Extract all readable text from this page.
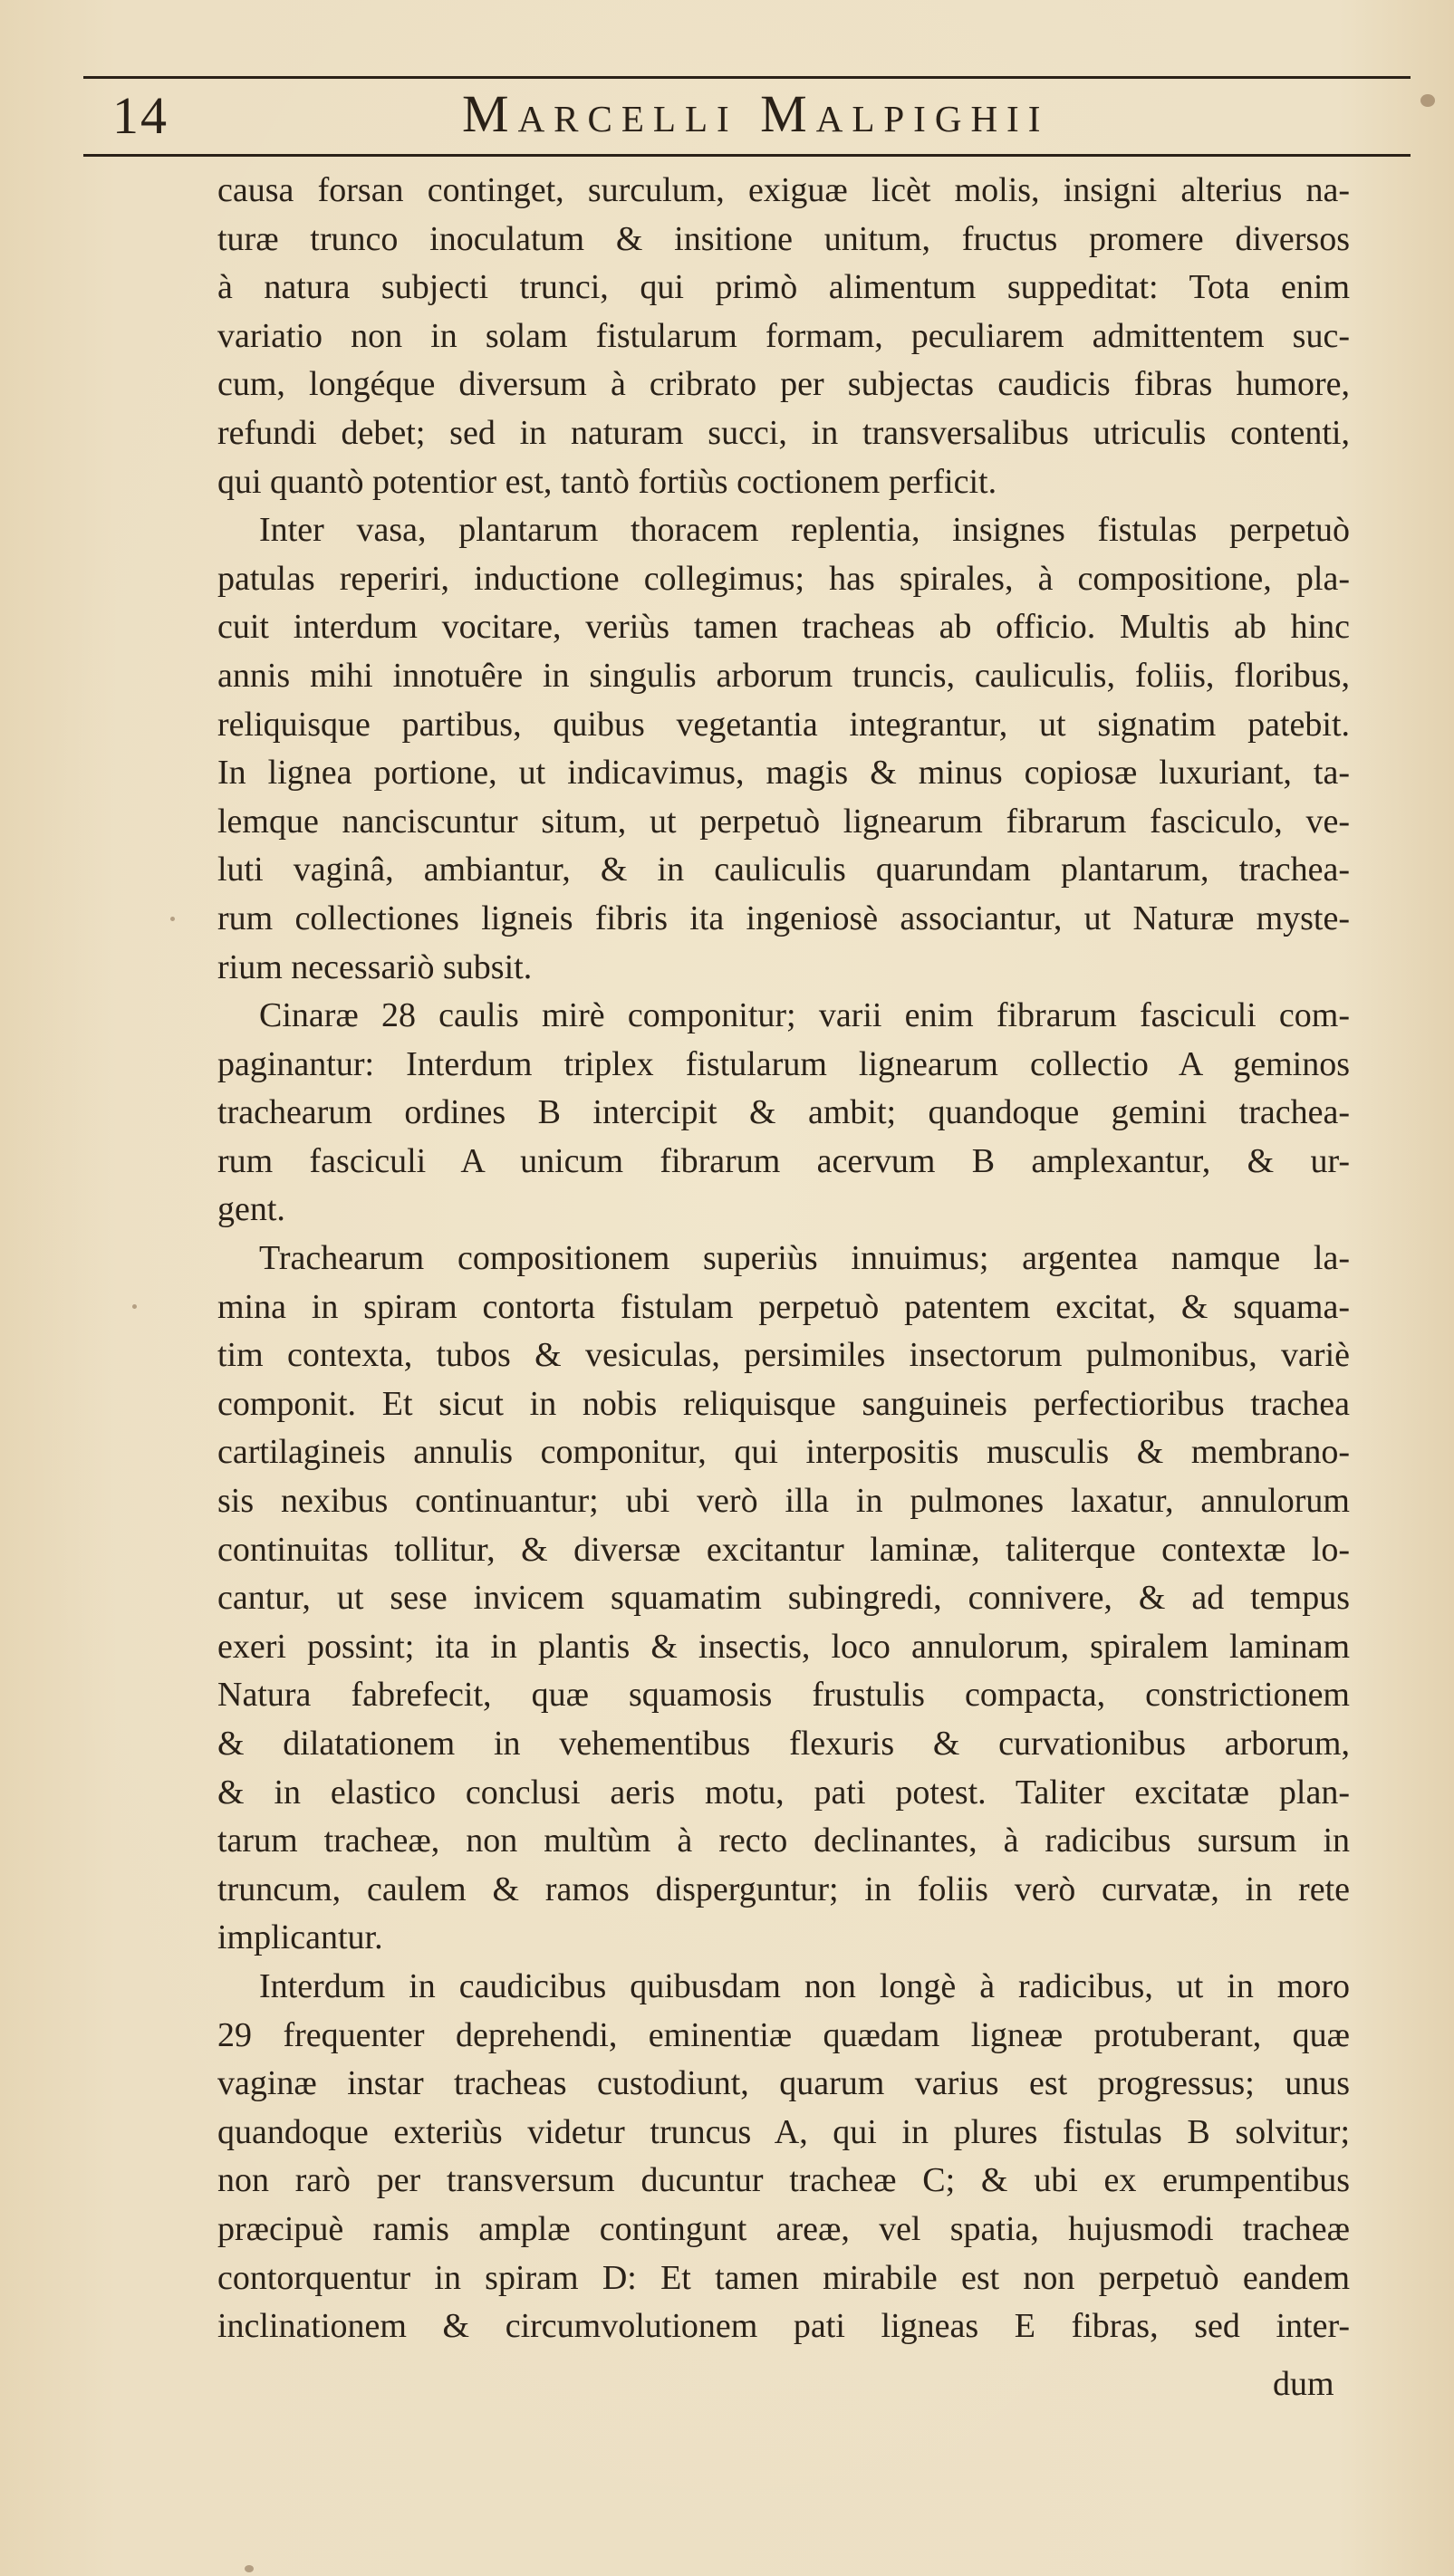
14	Marcelli Malpighii
causa forsan continget, surculum, exiguæ licèt molis, insigni alterius na-
turæ trunco inoculatum & insitione unitum, fructus promere diversos
à natura subjecti trunci, qui primò alimentum suppeditat: Tota enim
variatio non in solam fistularum formam, peculiarem admittentem suc-
cum, longéque diversum à cribrato per subjectas caudicis fibras humore,
refundi debet; sed in naturam succi, in transversalibus utriculis contenti,
qui quantò potentior est, tantò fortiùs coctionem perficit.
Inter vasa, plantarum thoracem replentia, insignes fistulas perpetuò
patulas reperiri, inductione collegimus; has spirales, à compositione, pla-
cuit interdum vocitare, veriùs tamen tracheas ab officio. Multis ab hinc
annis mihi innotuêre in singulis arborum truncis, cauliculis, foliis, floribus,
reliquisque partibus, quibus vegetantia integrantur, ut signatim patebit.
In lignea portione, ut indicavimus, magis & minus copiosæ luxuriant, ta-
lemque nanciscuntur situm, ut perpetuò lignearum fibrarum fasciculo, ve-
luti vaginâ, ambiantur, & in cauliculis quarundam plantarum, trachea-
rum collectiones ligneis fibris ita ingeniosè associantur, ut Naturæ myste-
rium necessariò subsit.
Cinaræ 28 caulis mirè componitur; varii enim fibrarum fasciculi com-
paginantur: Interdum triplex fistularum lignearum collectio A geminos
trachearum ordines B intercipit & ambit; quandoque gemini trachea-
rum fasciculi A unicum fibrarum acervum B amplexantur, & ur-
gent.
Trachearum compositionem superiùs innuimus; argentea namque la-
mina in spiram contorta fistulam perpetuò patentem excitat, & squama-
tim contexta, tubos & vesiculas, persimiles insectorum pulmonibus, variè
componit. Et sicut in nobis reliquisque sanguineis perfectioribus trachea
cartilagineis annulis componitur, qui interpositis musculis & membrano-
sis nexibus continuantur; ubi verò illa in pulmones laxatur, annulorum
continuitas tollitur, & diversæ excitantur laminæ, taliterque contextæ lo-
cantur, ut sese invicem squamatim subingredi, connivere, & ad tempus
exeri possint; ita in plantis & insectis, loco annulorum, spiralem laminam
Natura fabrefecit, quæ squamosis frustulis compacta, constrictionem
& dilatationem in vehementibus flexuris & curvationibus arborum,
& in elastico conclusi aeris motu, pati potest. Taliter excitatæ plan-
tarum tracheæ, non multùm à recto declinantes, à radicibus sursum in
truncum, caulem & ramos disperguntur; in foliis verò curvatæ, in rete
implicantur.
Interdum in caudicibus quibusdam non longè à radicibus, ut in moro
29 frequenter deprehendi, eminentiæ quædam ligneæ protuberant, quæ
vaginæ instar tracheas custodiunt, quarum varius est progressus; unus
quandoque exteriùs videtur truncus A, qui in plures fistulas B solvitur;
non rarò per transversum ducuntur tracheæ C; & ubi ex erumpentibus
præcipuè ramis amplæ contingunt areæ, vel spatia, hujusmodi tracheæ
contorquentur in spiram D: Et tamen mirabile est non perpetuò eandem
inclinationem & circumvolutionem pati ligneas E fibras, sed inter-
dum
